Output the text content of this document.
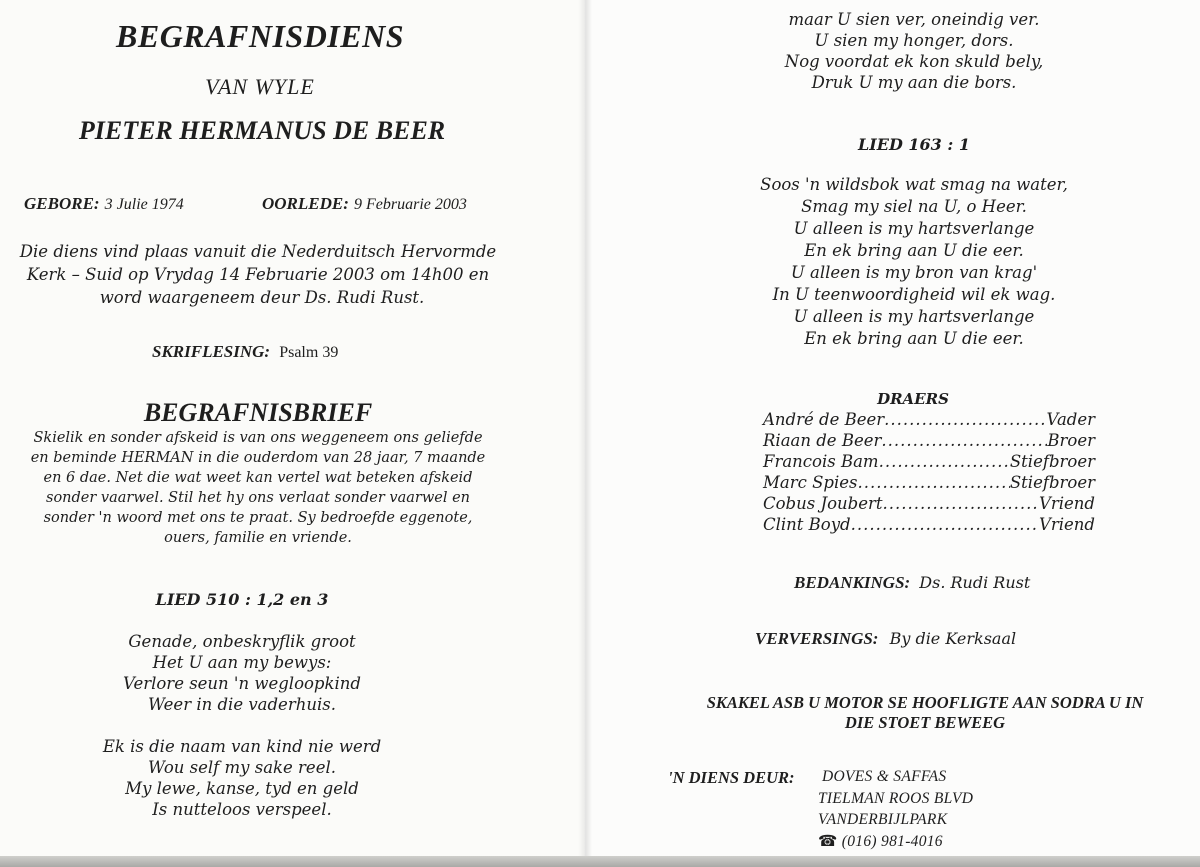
BEGRAFNISDIENS
VAN WYLE
PIETER HERMANUS DE BEER
GEBORE: 3 Julie 1974	OORLEDE: 9 Februarie 2003
Die diens vind plaas vanuit die Nederduitsch Hervormde
Kerk – Suid op Vrydag 14 Februarie 2003 om 14h00 en
word waargeneem deur Ds. Rudi Rust.
SKRIFLESING: Psalm 39
BEGRAFNISBRIEF
Skielik en sonder afskeid is van ons weggeneem ons geliefde
en beminde HERMAN in die ouderdom van 28 jaar, 7 maande
en 6 dae. Net die wat weet kan vertel wat beteken afskeid
sonder vaarwel. Stil het hy ons verlaat sonder vaarwel en
sonder 'n woord met ons te praat. Sy bedroefde eggenote,
ouers, familie en vriende.
LIED 510 : 1,2 en 3
Genade, onbeskryflik groot
Het U aan my bewys:
Verlore seun 'n wegloopkind
Weer in die vaderhuis.
Ek is die naam van kind nie werd
Wou self my sake reel.
My lewe, kanse, tyd en geld
Is nutteloos verspeel.
maar U sien ver, oneindig ver.
U sien my honger, dors.
Nog voordat ek kon skuld bely,
Druk U my aan die bors.
LIED 163 : 1
Soos 'n wildsbok wat smag na water,
Smag my siel na U, o Heer.
U alleen is my hartsverlange
En ek bring aan U die eer.
U alleen is my bron van krag'
In U teenwoordigheid wil ek wag.
U alleen is my hartsverlange
En ek bring aan U die eer.
DRAERS
André de Beer .....	Vader
Riaan de Beer .....	Broer
Francois Bam .....	Stiefbroer
Marc Spies .....	Stiefbroer
Cobus Joubert .....	Vriend
Clint Boyd .....	Vriend
BEDANKINGS: Ds. Rudi Rust
VERVERSINGS: By die Kerksaal
SKAKEL ASB U MOTOR SE HOOFLIGTE AAN SODRA U IN
DIE STOET BEWEEG
'N DIENS DEUR: DOVES & SAFFAS
TIELMAN ROOS BLVD
VANDERBIJLPARK
☎ (016) 981-4016
